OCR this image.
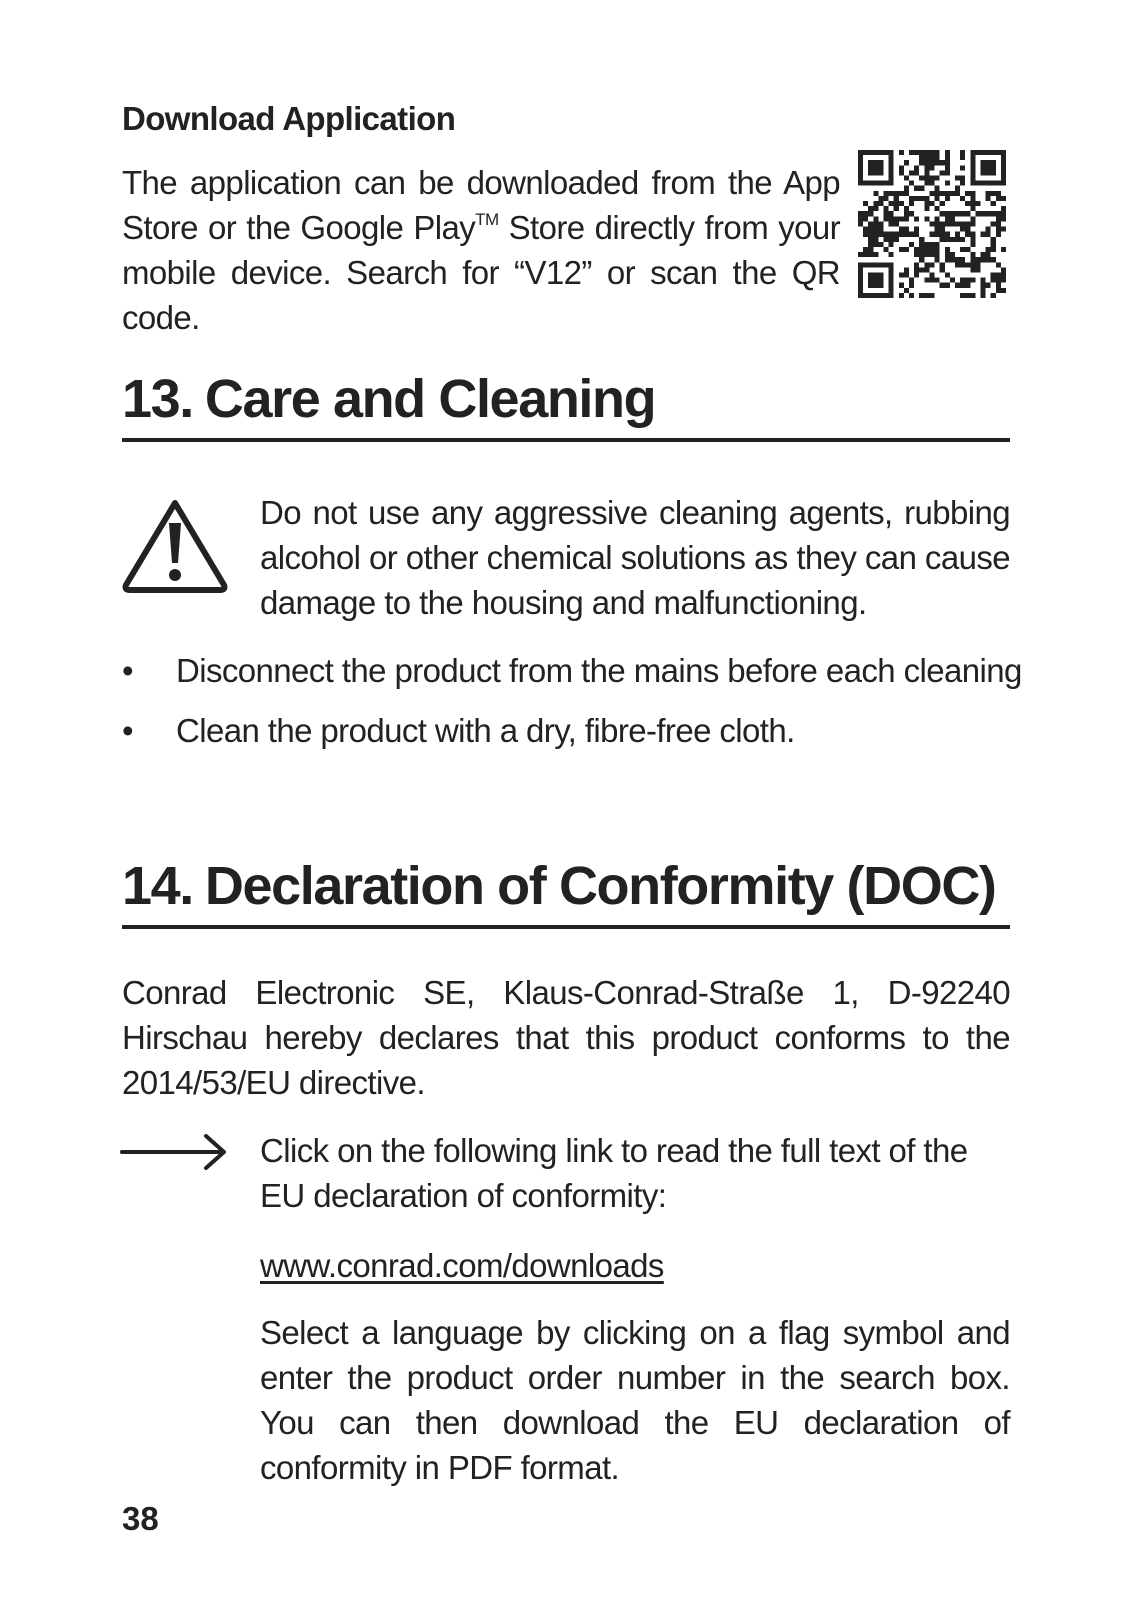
Download Application
The application can be downloaded from the App Store or the Google Play™ Store directly from your mobile device. Search for “V12” or scan the QR code.
13. Care and Cleaning
Do not use any aggressive cleaning agents, rubbing alcohol or other chemical solutions as they can cause damage to the housing and malfunctioning.
• Disconnect the product from the mains before each cleaning
• Clean the product with a dry, fibre-free cloth.
14. Declaration of Conformity (DOC)
Conrad Electronic SE, Klaus-Conrad-Straße 1, D-92240 Hirschau hereby declares that this product conforms to the 2014/53/EU directive.
Click on the following link to read the full text of the EU declaration of conformity:
www.conrad.com/downloads
Select a language by clicking on a flag symbol and enter the product order number in the search box. You can then download the EU declaration of conformity in PDF format.
38
